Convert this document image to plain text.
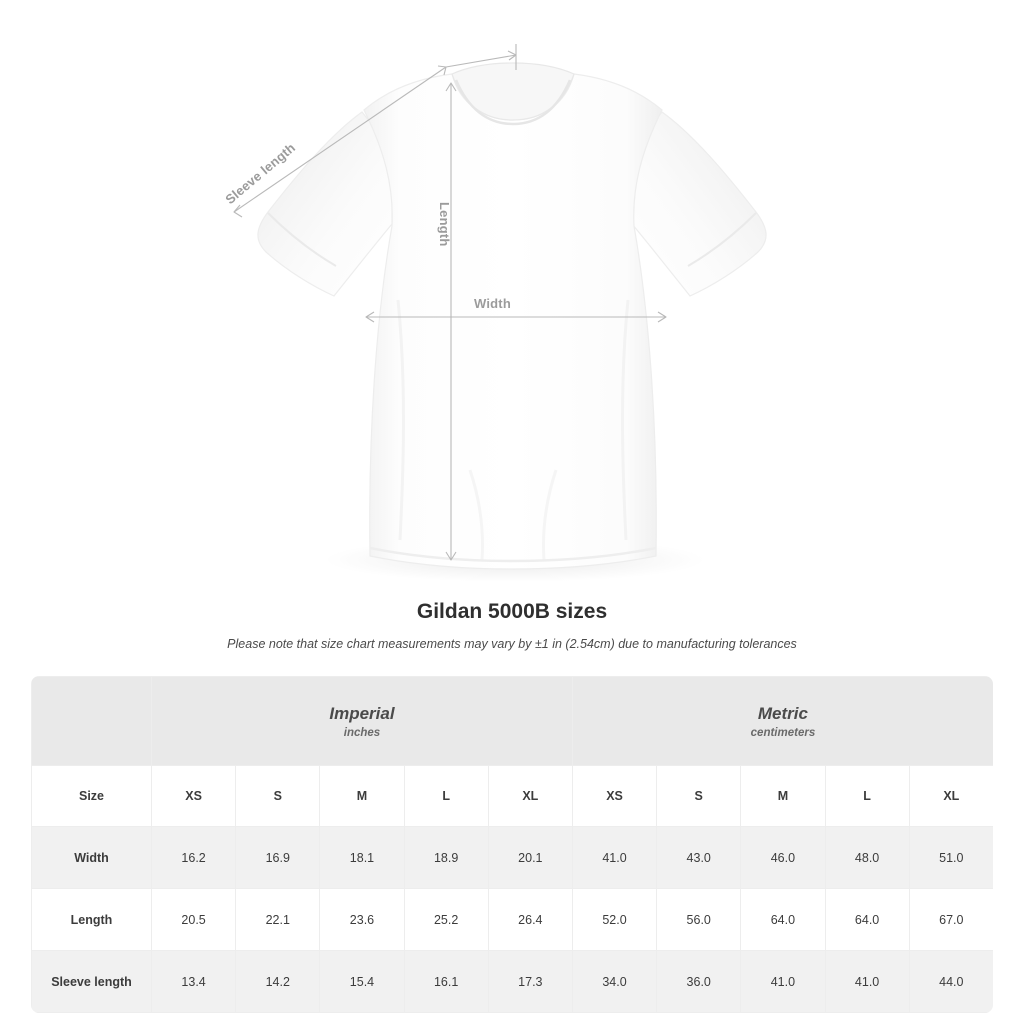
Width
Length
Sleeve length
Gildan 5000B sizes
Please note that size chart measurements may vary by ±1 in (2.54cm) due to manufacturing tolerances

	Imperial
inches					Metric
centimeters				

Size	XS	S	M	L	XL	XS	S	M	L	XL
Width	16.2	16.9	18.1	18.9	20.1	41.0	43.0	46.0	48.0	51.0
Length	20.5	22.1	23.6	25.2	26.4	52.0	56.0	64.0	64.0	67.0
Sleeve length	13.4	14.2	15.4	16.1	17.3	34.0	36.0	41.0	41.0	44.0
